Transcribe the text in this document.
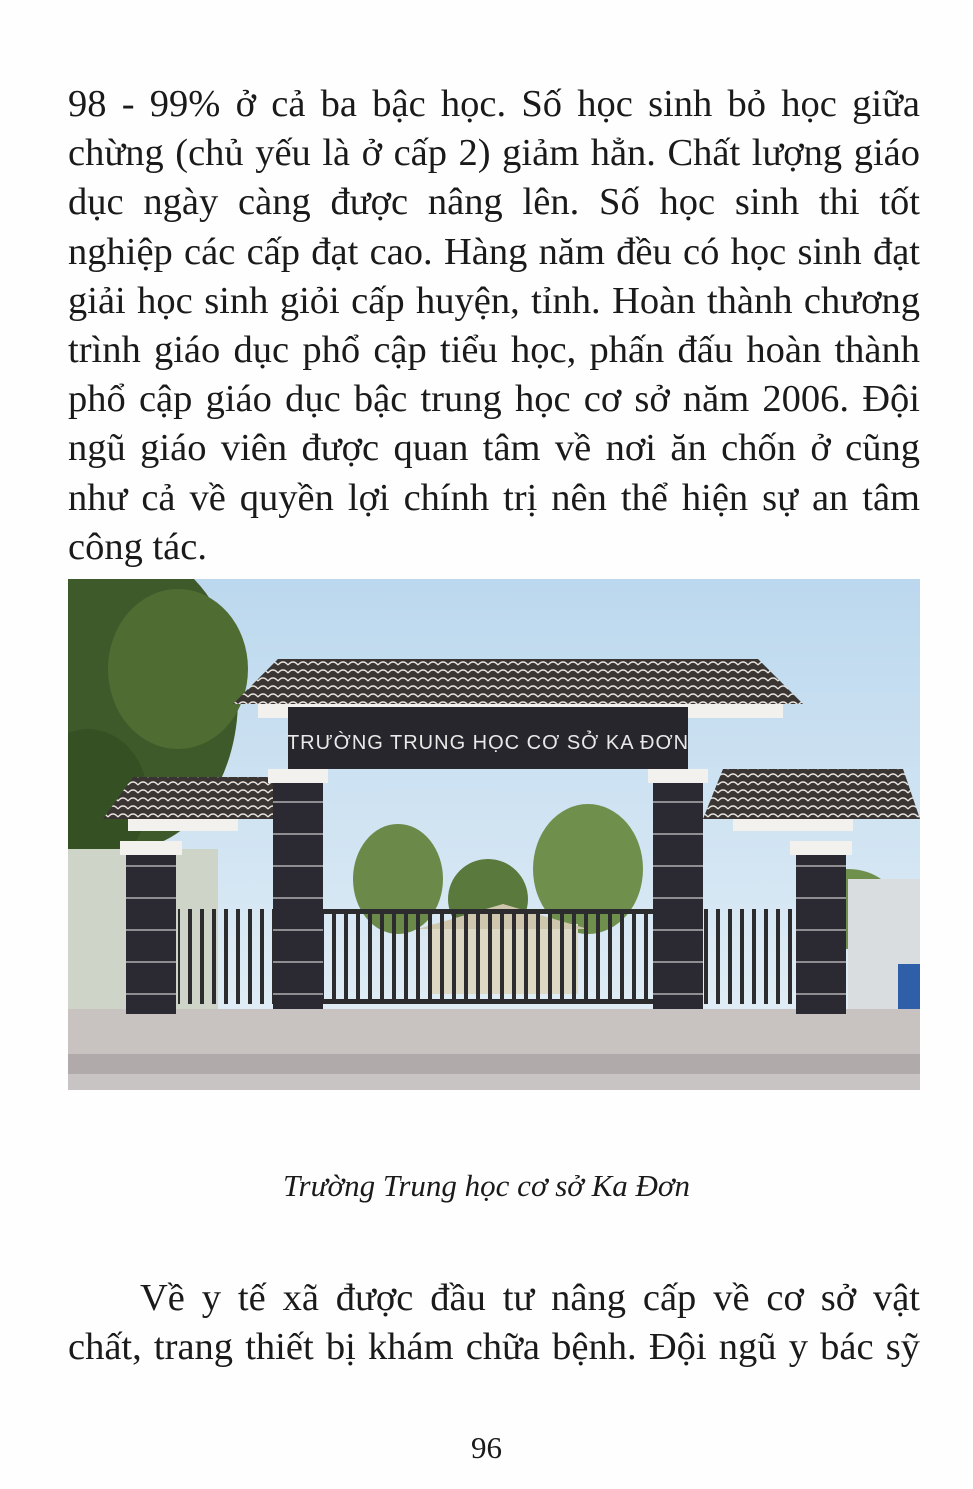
98 - 99% ở cả ba bậc học. Số học sinh bỏ học giữa
chừng (chủ yếu là ở cấp 2) giảm hẳn. Chất lượng giáo
dục ngày càng được nâng lên. Số học sinh thi tốt
nghiệp các cấp đạt cao. Hàng năm đều có học sinh đạt
giải học sinh giỏi cấp huyện, tỉnh. Hoàn thành chương
trình giáo dục phổ cập tiểu học, phấn đấu hoàn thành
phổ cập giáo dục bậc trung học cơ sở năm 2006. Đội
ngũ giáo viên được quan tâm về nơi ăn chốn ở cũng
như cả về quyền lợi chính trị nên thể hiện sự an tâm
công tác.

TRƯỜNG TRUNG HỌC CƠ SỞ KA ĐƠN
Trường Trung học cơ sở Ka Đơn

Về y tế xã được đầu tư nâng cấp về cơ sở vật
chất, trang thiết bị khám chữa bệnh. Đội ngũ y bác sỹ

96
